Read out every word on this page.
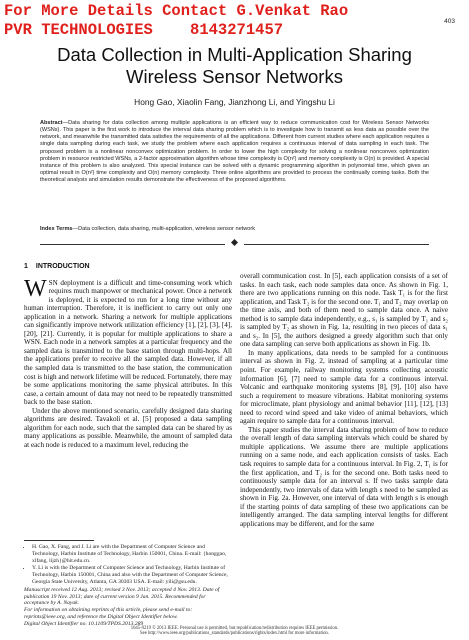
For More Details Contact G.Venkat Rao
PVR TECHNOLOGIES    8143271457	403
Data Collection in Multi-Application Sharing
Wireless Sensor Networks
Hong Gao, Xiaolin Fang, Jianzhong Li, and Yingshu Li
Abstract—Data sharing for data collection among multiple applications is an efficient way to reduce communication cost for Wireless Sensor Networks (WSNs). This paper is the first work to introduce the interval data sharing problem which is to investigate how to transmit as less data as possible over the network, and meanwhile the transmitted data satisfies the requirements of all the applications. Different from current studies where each application requires a single data sampling during each task, we study the problem where each application requires a continuous interval of data sampling in each task. The proposed problem is a nonlinear nonconvex optimization problem. In order to lower the high complexity for solving a nonlinear nonconvex optimization problem in resource restricted WSNs, a 2-factor approximation algorithm whose time complexity is O(n²) and memory complexity is O(n) is provided. A special instance of this problem is also analyzed. This special instance can be solved with a dynamic programming algorithm in polynomial time, which gives an optimal result in O(n²) time complexity and O(n) memory complexity. Three online algorithms are provided to process the continually coming tasks. Both the theoretical analysis and simulation results demonstrate the effectiveness of the proposed algorithms.
Index Terms—Data collection, data sharing, multi-application, wireless sensor network
1 INTRODUCTION

WSN deployment is a difficult and time-consuming work which requires much manpower or mechanical power. Once a network is deployed, it is expected to run for a long time without any human interruption. Therefore, it is inefficient to carry out only one application in a network. Sharing a network for multiple applications can significantly improve network utilization efficiency [1], [2], [3], [4], [20], [21]. Currently, it is popular for multiple applications to share a WSN. Each node in a network samples at a particular frequency and the sampled data is transmitted to the base station through multi-hops. All the applications prefer to receive all the sampled data. However, if all the sampled data is transmitted to the base station, the communication cost is high and network lifetime will be reduced. Fortunately, there may be some applications monitoring the same physical attributes. In this case, a certain amount of data may not need to be repeatedly transmitted back to the base station.

Under the above mentioned scenario, carefully designed data sharing algorithms are desired. Tavakoli et al. [5] proposed a data sampling algorithm for each node, such that the sampled data can be shared by as many applications as possible. Meanwhile, the amount of sampled data at each node is reduced to a maximum level, reducing the

• H. Gao, X. Fang, and J. Li are with the Department of Computer Science and Technology, Harbin Institute of Technology, Harbin 150001, China. E-mail: {honggao, xlfang, lijzh}@hit.edu.cn.
• Y. Li is with the Department of Computer Science and Technology, Harbin Institute of Technology, Harbin 150001, China and also with the Department of Computer Science, Georgia State University, Atlanta, GA 30303 USA. E-mail: yili@gsu.edu.
Manuscript received 12 Aug. 2013; revised 3 Nov. 2013; accepted 4 Nov. 2013. Date of publication 19 Nov. 2013; date of current version 9 Jan. 2015. Recommended for acceptance by A. Nayak.
For information on obtaining reprints of this article, please send e-mail to: reprints@ieee.org, and reference the Digital Object Identifier below.
Digital Object Identifier no. 10.1109/TPDS.2013.289

overall communication cost. In [5], each application consists of a set of tasks. In each task, each node samples data once. As shown in Fig. 1, there are two applications running on this node. Task T₁ is for the first application, and Task T₂ is for the second one. T₁ and T₂ may overlap on the time axis, and both of them need to sample data once. A naive method is to sample data independently, e.g., s₁ is sampled by T₁ and s₂ is sampled by T₂ as shown in Fig. 1a, resulting in two pieces of data s₁ and s₂. In [5], the authors designed a greedy algorithm such that only one data sampling can serve both applications as shown in Fig. 1b.

In many applications, data needs to be sampled for a continuous interval as shown in Fig. 2, instead of sampling at a particular time point. For example, railway monitoring systems collecting acoustic information [6], [7] need to sample data for a continuous interval. Volcanic and earthquake monitoring systems [8], [9], [10] also have such a requirement to measure vibrations. Habitat monitoring systems for microclimate, plant physiology and animal behavior [11], [12], [13] need to record wind speed and take video of animal behaviors, which again require to sample data for a continuous interval.

This paper studies the interval data sharing problem of how to reduce the overall length of data sampling intervals which could be shared by multiple applications. We assume there are multiple applications running on a same node, and each application consists of tasks. Each task requires to sample data for a continuous interval. In Fig. 2, T₁ is for the first application, and T₂ is for the second one. Both tasks need to continuously sample data for an interval s. If two tasks sample data independently, two intervals of data with length s need to be sampled as shown in Fig. 2a. However, one interval of data with length s is enough if the starting points of data sampling of these two applications can be intelligently arranged. The data sampling interval lengths for different applications may be different, and for the same

1045-9219 © 2013 IEEE. Personal use is permitted, but republication/redistribution requires IEEE permission.
See http://www.ieee.org/publications_standards/publications/rights/index.html for more information.
